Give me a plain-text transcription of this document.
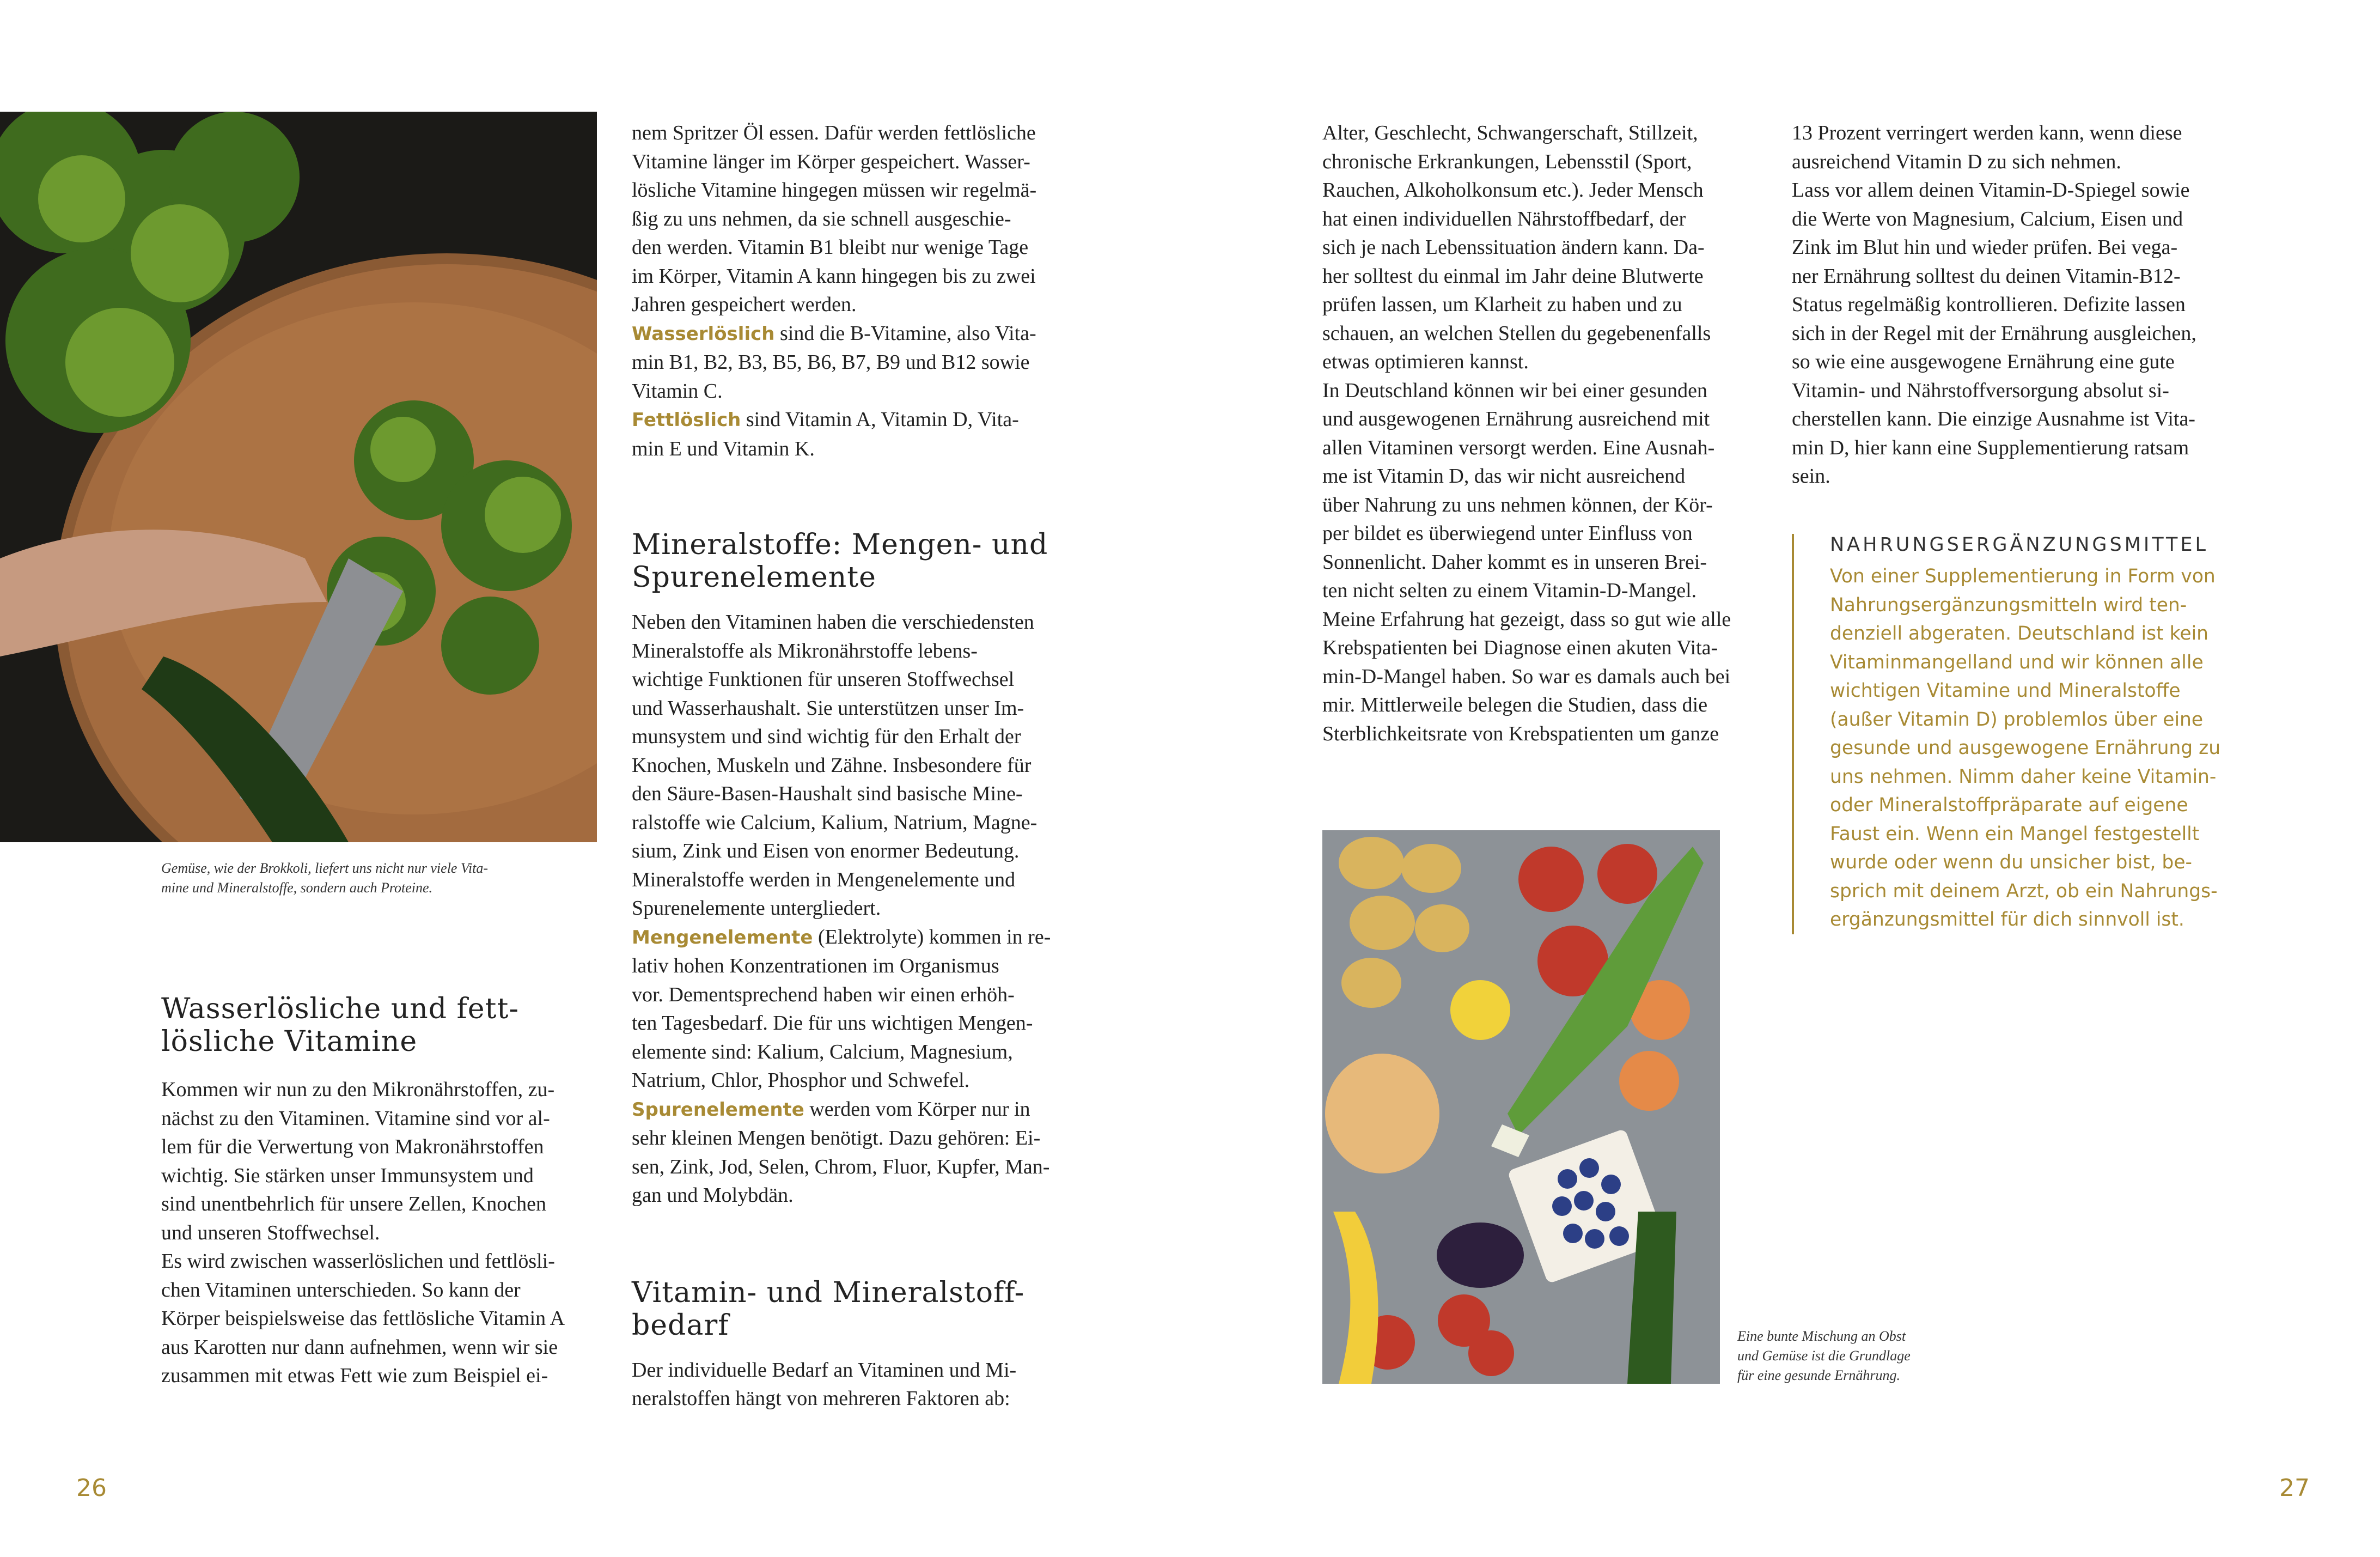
Gemüse, wie der Brokkoli, liefert uns nicht nur viele Vita-
mine und Mineralstoffe, sondern auch Proteine.
Wasserlösliche und fett-
lösliche Vitamine
Kommen wir nun zu den Mikronährstoffen, zu-
nächst zu den Vitaminen. Vitamine sind vor al-
lem für die Verwertung von Makronährstoffen
wichtig. Sie stärken unser Immunsystem und
sind unentbehrlich für unsere Zellen, Knochen
und unseren Stoffwechsel.
Es wird zwischen wasserlöslichen und fettlösli-
chen Vitaminen unterschieden. So kann der
Körper beispielsweise das fettlösliche Vitamin A
aus Karotten nur dann aufnehmen, wenn wir sie
zusammen mit etwas Fett wie zum Beispiel ei-
nem Spritzer Öl essen. Dafür werden fettlösliche
Vitamine länger im Körper gespeichert. Wasser-
lösliche Vitamine hingegen müssen wir regelmä-
ßig zu uns nehmen, da sie schnell ausgeschie-
den werden. Vitamin B1 bleibt nur wenige Tage
im Körper, Vitamin A kann hingegen bis zu zwei
Jahren gespeichert werden.
Wasserlöslich sind die B-Vitamine, also Vita-
min B1, B2, B3, B5, B6, B7, B9 und B12 sowie
Vitamin C.
Fettlöslich sind Vitamin A, Vitamin D, Vita-
min E und Vitamin K.
Mineralstoffe: Mengen- und
Spurenelemente
Neben den Vitaminen haben die verschiedensten Mineralstoffe als Mikronährstoffe lebens-
wichtige Funktionen für unseren Stoffwechsel
und Wasserhaushalt. Sie unterstützen unser Im-
munsystem und sind wichtig für den Erhalt der
Knochen, Muskeln und Zähne. Insbesondere für
den Säure-Basen-Haushalt sind basische Mine-
ralstoffe wie Calcium, Kalium, Natrium, Magne-
sium, Zink und Eisen von enormer Bedeutung.
Mineralstoffe werden in Mengenelemente und
Spurenelemente untergliedert.
Mengenelemente (Elektrolyte) kommen in re-
lativ hohen Konzentrationen im Organismus
vor. Dementsprechend haben wir einen erhöh-
ten Tagesbedarf. Die für uns wichtigen Mengen-
elemente sind: Kalium, Calcium, Magnesium,
Natrium, Chlor, Phosphor und Schwefel.
Spurenelemente werden vom Körper nur in
sehr kleinen Mengen benötigt. Dazu gehören: Ei-
sen, Zink, Jod, Selen, Chrom, Fluor, Kupfer, Man-
gan und Molybdän.
Vitamin- und Mineralstoff-
bedarf
Der individuelle Bedarf an Vitaminen und Mi-
neralstoffen hängt von mehreren Faktoren ab:
26
Alter, Geschlecht, Schwangerschaft, Stillzeit,
chronische Erkrankungen, Lebensstil (Sport,
Rauchen, Alkoholkonsum etc.). Jeder Mensch
hat einen individuellen Nährstoffbedarf, der
sich je nach Lebenssituation ändern kann. Da-
her solltest du einmal im Jahr deine Blutwerte
prüfen lassen, um Klarheit zu haben und zu
schauen, an welchen Stellen du gegebenenfalls
etwas optimieren kannst.
In Deutschland können wir bei einer gesunden
und ausgewogenen Ernährung ausreichend mit
allen Vitaminen versorgt werden. Eine Ausnah-
me ist Vitamin D, das wir nicht ausreichend
über Nahrung zu uns nehmen können, der Kör-
per bildet es überwiegend unter Einfluss von
Sonnenlicht. Daher kommt es in unseren Brei-
ten nicht selten zu einem Vitamin-D-Mangel.
Meine Erfahrung hat gezeigt, dass so gut wie alle
Krebspatienten bei Diagnose einen akuten Vita-
min-D-Mangel haben. So war es damals auch bei
mir. Mittlerweile belegen die Studien, dass die
Sterblichkeitsrate von Krebspatienten um ganze
13 Prozent verringert werden kann, wenn diese
ausreichend Vitamin D zu sich nehmen.
Lass vor allem deinen Vitamin-D-Spiegel sowie
die Werte von Magnesium, Calcium, Eisen und
Zink im Blut hin und wieder prüfen. Bei vega-
ner Ernährung solltest du deinen Vitamin-B12-
Status regelmäßig kontrollieren. Defizite lassen
sich in der Regel mit der Ernährung ausgleichen,
so wie eine ausgewogene Ernährung eine gute
Vitamin- und Nährstoffversorgung absolut si-
cherstellen kann. Die einzige Ausnahme ist Vita-
min D, hier kann eine Supplementierung ratsam
sein.
NAHRUNGSERGÄNZUNGSMITTEL

Von einer Supplementierung in Form von

Nahrungsergänzungsmitteln wird ten-

denziell abgeraten. Deutschland ist kein

Vitaminmangelland und wir können alle

wichtigen Vitamine und Mineralstoffe

(außer Vitamin D) problemlos über eine

gesunde und ausgewogene Ernährung zu

uns nehmen. Nimm daher keine Vitamin-

oder Mineralstoffpräparate auf eigene

Faust ein. Wenn ein Mangel festgestellt

wurde oder wenn du unsicher bist, be-

sprich mit deinem Arzt, ob ein Nahrungs-

ergänzungsmittel für dich sinnvoll ist.

Eine bunte Mischung an Obst
und Gemüse ist die Grundlage
für eine gesunde Ernährung.
27
